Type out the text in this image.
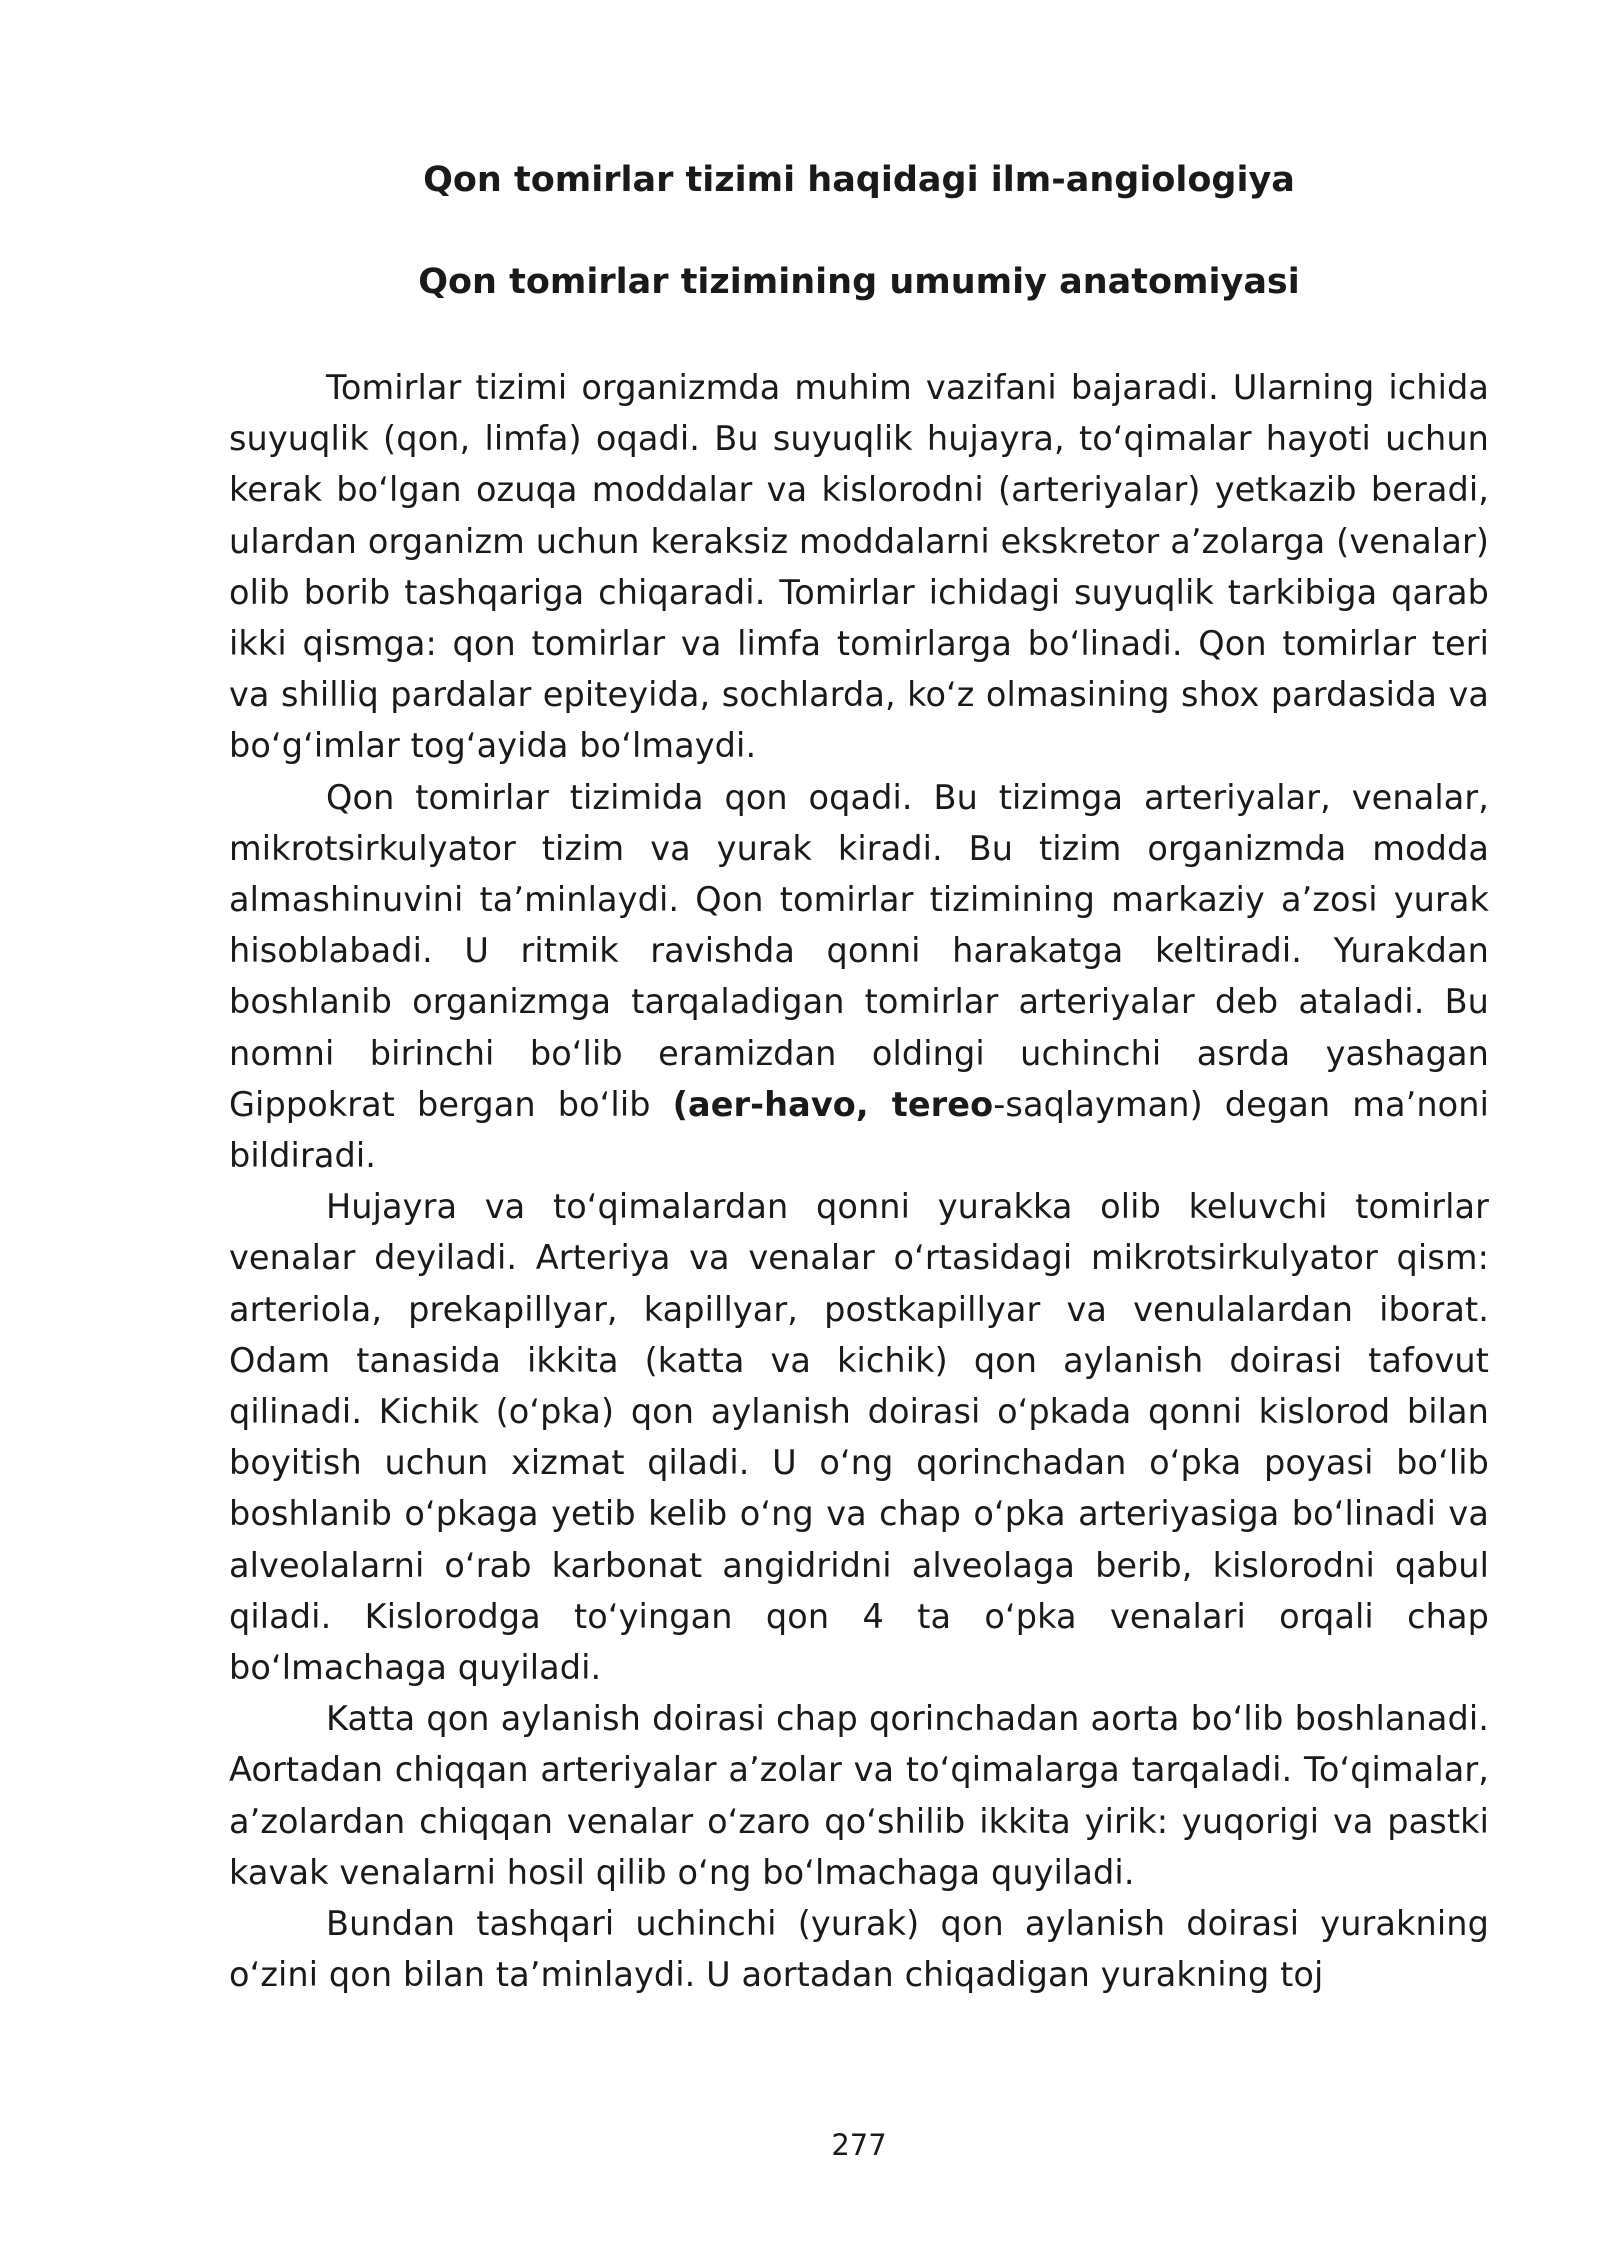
Qon tomirlar tizimi haqidagi ilm-angiologiya
Qon tomirlar tizimining umumiy anatomiyasi

Tomirlar tizimi organizmda muhim vazifani bajaradi. Ularning ichida suyuqlik (qon, limfa) oqadi. Bu suyuqlik hujayra, to‘qimalar hayoti uchun kerak bo‘lgan ozuqa moddalar va kislorodni (arteriyalar) yetkazib beradi, ulardan organizm uchun keraksiz moddalarni ekskretor a’zolarga (venalar) olib borib tashqariga chiqaradi. Tomirlar ichidagi suyuqlik tarkibiga qarab ikki qismga: qon tomirlar va limfa tomirlarga bo‘linadi. Qon tomirlar teri va shilliq pardalar epiteyida, sochlarda, ko‘z olmasining shox pardasida va bo‘g‘imlar tog‘ayida bo‘lmaydi.

Qon tomirlar tizimida qon oqadi. Bu tizimga arteriyalar, venalar, mikrotsirkulyator tizim va yurak kiradi. Bu tizim organizmda modda almashinuvini ta’minlaydi. Qon tomirlar tizimining markaziy a’zosi yurak hisoblabadi. U ritmik ravishda qonni harakatga keltiradi. Yurakdan boshlanib organizmga tarqaladigan tomirlar arteriyalar deb ataladi. Bu nomni birinchi bo‘lib eramizdan oldingi uchinchi asrda yashagan Gippokrat bergan bo‘lib (aer-havo, tereo-saqlayman) degan ma’noni bildiradi.

Hujayra va to‘qimalardan qonni yurakka olib keluvchi tomirlar venalar deyiladi. Arteriya va venalar o‘rtasidagi mikrotsirkulyator qism: arteriola, prekapillyar, kapillyar, postkapillyar va venulalardan iborat. Odam tanasida ikkita (katta va kichik) qon aylanish doirasi tafovut qilinadi. Kichik (o‘pka) qon aylanish doirasi o‘pkada qonni kislorod bilan boyitish uchun xizmat qiladi. U o‘ng qorinchadan o‘pka poyasi bo‘lib boshlanib o‘pkaga yetib kelib o‘ng va chap o‘pka arteriyasiga bo‘linadi va alveolalarni o‘rab karbonat angidridni alveolaga berib, kislorodni qabul qiladi. Kislorodga to‘yingan qon 4 ta o‘pka venalari orqali chap bo‘lmachaga quyiladi.

Katta qon aylanish doirasi chap qorinchadan aorta bo‘lib boshlanadi. Aortadan chiqqan arteriyalar a’zolar va to‘qimalarga tarqaladi. To‘qimalar, a’zolardan chiqqan venalar o‘zaro qo‘shilib ikkita yirik: yuqorigi va pastki kavak venalarni hosil qilib o‘ng bo‘lmachaga quyiladi.

Bundan tashqari uchinchi (yurak) qon aylanish doirasi yurakning o‘zini qon bilan ta’minlaydi. U aortadan chiqadigan yurakning toj

277
